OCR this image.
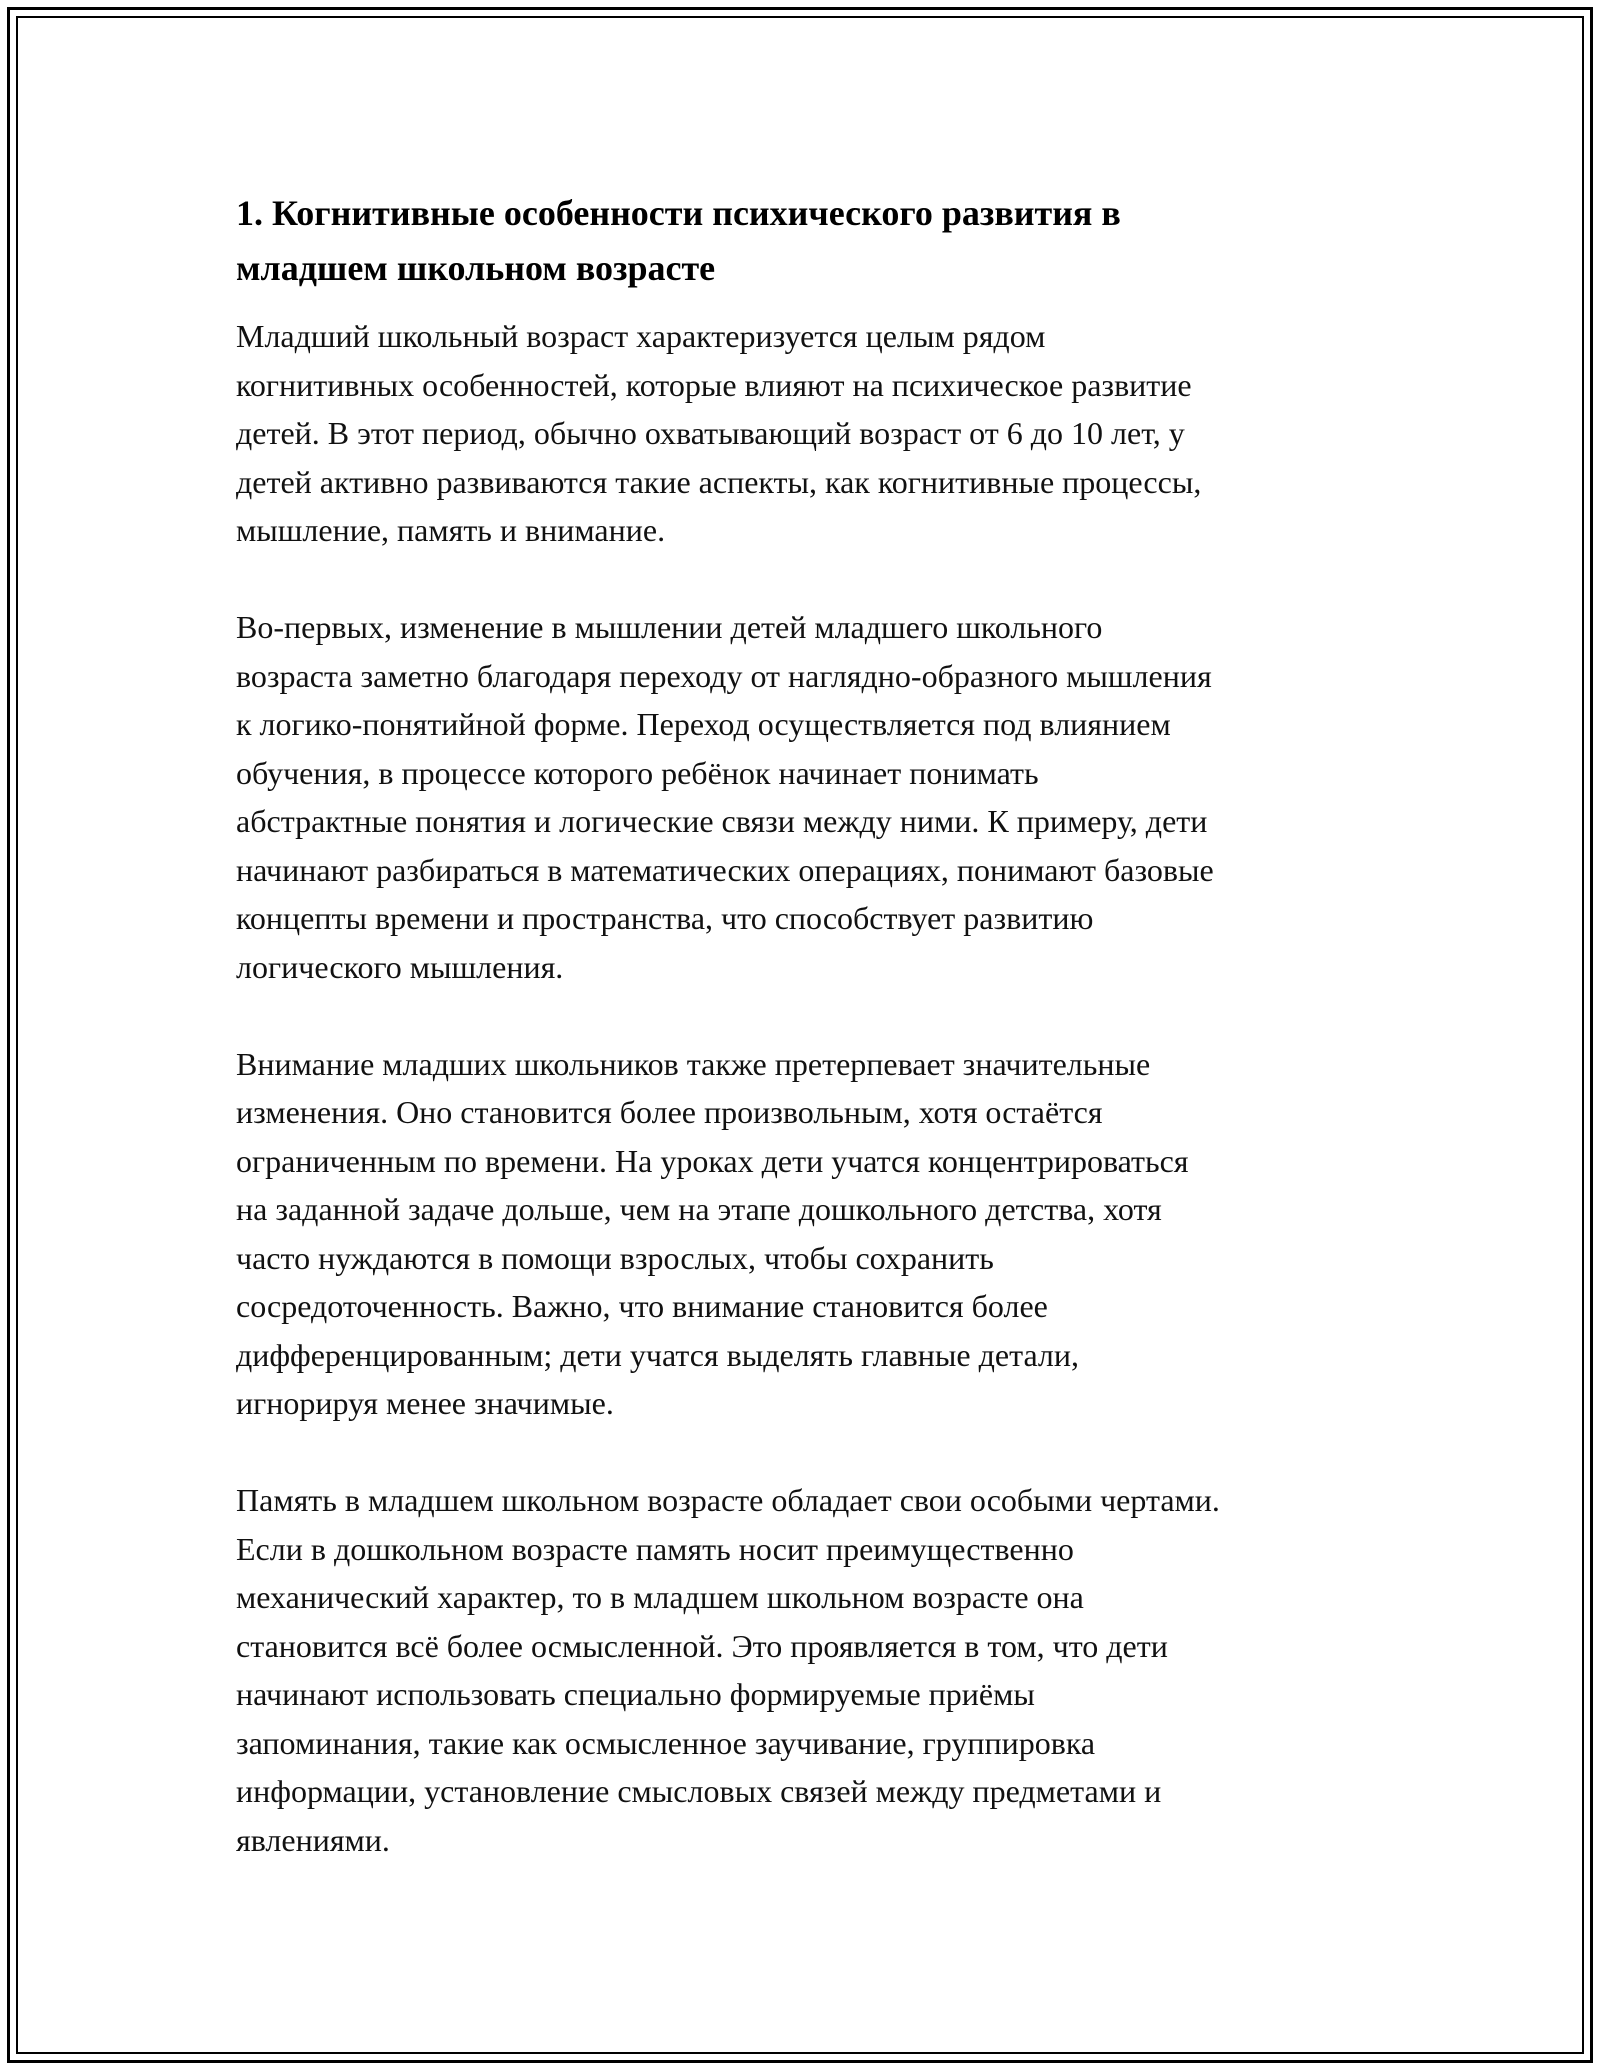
1. Когнитивные особенности психического развития в
младшем школьном возрасте

Младший школьный возраст характеризуется целым рядом
когнитивных особенностей, которые влияют на психическое развитие
детей. В этот период, обычно охватывающий возраст от 6 до 10 лет, у
детей активно развиваются такие аспекты, как когнитивные процессы,
мышление, память и внимание.

Во-первых, изменение в мышлении детей младшего школьного
возраста заметно благодаря переходу от наглядно-образного мышления
к логико-понятийной форме. Переход осуществляется под влиянием
обучения, в процессе которого ребёнок начинает понимать
абстрактные понятия и логические связи между ними. К примеру, дети
начинают разбираться в математических операциях, понимают базовые
концепты времени и пространства, что способствует развитию
логического мышления.

Внимание младших школьников также претерпевает значительные
изменения. Оно становится более произвольным, хотя остаётся
ограниченным по времени. На уроках дети учатся концентрироваться
на заданной задаче дольше, чем на этапе дошкольного детства, хотя
часто нуждаются в помощи взрослых, чтобы сохранить
сосредоточенность. Важно, что внимание становится более
дифференцированным; дети учатся выделять главные детали,
игнорируя менее значимые.

Память в младшем школьном возрасте обладает свои особыми чертами.
Если в дошкольном возрасте память носит преимущественно
механический характер, то в младшем школьном возрасте она
становится всё более осмысленной. Это проявляется в том, что дети
начинают использовать специально формируемые приёмы
запоминания, такие как осмысленное заучивание, группировка
информации, установление смысловых связей между предметами и
явлениями.
